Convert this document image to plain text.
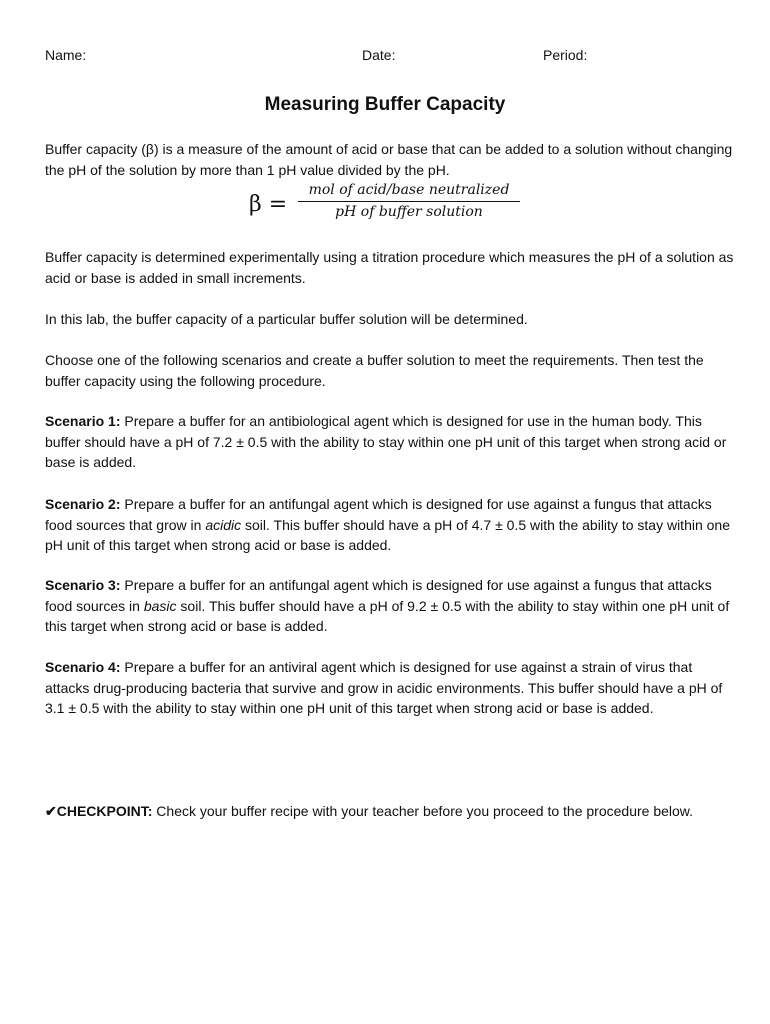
Name:	Date:	Period:
Measuring Buffer Capacity

Buffer capacity (β) is a measure of the amount of acid or base that can be added to a solution without changing the pH of the solution by more than 1 pH value divided by the pH.

β =
mol of acid/base neutralized
pH of buffer solution

Buffer capacity is determined experimentally using a titration procedure which measures the pH of a solution as acid or base is added in small increments.

In this lab, the buffer capacity of a particular buffer solution will be determined.

Choose one of the following scenarios and create a buffer solution to meet the requirements. Then test the buffer capacity using the following procedure.

Scenario 1: Prepare a buffer for an antibiological agent which is designed for use in the human body. This buffer should have a pH of 7.2 ± 0.5 with the ability to stay within one pH unit of this target when strong acid or base is added.

Scenario 2: Prepare a buffer for an antifungal agent which is designed for use against a fungus that attacks food sources that grow in acidic soil. This buffer should have a pH of 4.7 ± 0.5 with the ability to stay within one pH unit of this target when strong acid or base is added.

Scenario 3: Prepare a buffer for an antifungal agent which is designed for use against a fungus that attacks food sources in basic soil. This buffer should have a pH of 9.2 ± 0.5 with the ability to stay within one pH unit of this target when strong acid or base is added.

Scenario 4: Prepare a buffer for an antiviral agent which is designed for use against a strain of virus that attacks drug-producing bacteria that survive and grow in acidic environments. This buffer should have a pH of 3.1 ± 0.5 with the ability to stay within one pH unit of this target when strong acid or base is added.

✔CHECKPOINT: Check your buffer recipe with your teacher before you proceed to the procedure below.
